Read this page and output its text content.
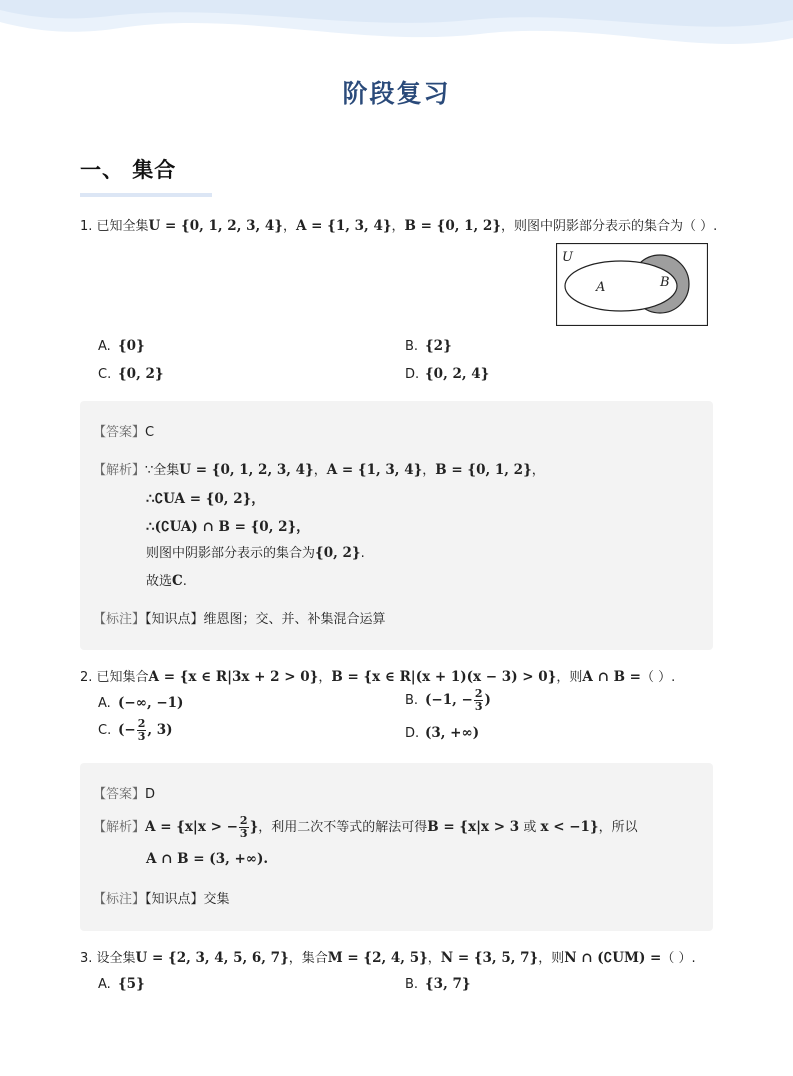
阶段复习
一、 集合
1. 已知全集U = {0, 1, 2, 3, 4}，A = {1, 3, 4}，B = {0, 1, 2}，则图中阴影部分表示的集合为（ ）.
U
A	B
A. {0}	B. {2}
C. {0, 2}	D. {0, 2, 4}
【答案】C
【解析】∵全集U = {0, 1, 2, 3, 4}，A = {1, 3, 4}，B = {0, 1, 2}，
∴∁UA = {0, 2}，
∴(∁UA) ∩ B = {0, 2}，
则图中阴影部分表示的集合为{0, 2}.
故选C.
【标注】【知识点】维恩图；交、并、补集混合运算
2. 已知集合A = {x ∈ R|3x + 2 > 0}，B = {x ∈ R|(x + 1)(x − 3) > 0}，则A ∩ B =（ ）.
A. (−∞, −1)	B. (−1, − $\frac{2}{3}$ )
C. (− $\frac{2}{3}$ , 3)	D. (3, +∞)
【答案】D
【解析】A = {x|x > − $\frac{2}{3}$ }，利用二次不等式的解法可得B = {x|x > 3 或 x < −1}，所以
A ∩ B = (3, +∞).
【标注】【知识点】交集
3. 设全集U = {2, 3, 4, 5, 6, 7}，集合M = {2, 4, 5}，N = {3, 5, 7}，则N ∩ (∁UM) =（ ）.
A. {5}	B. {3, 7}
